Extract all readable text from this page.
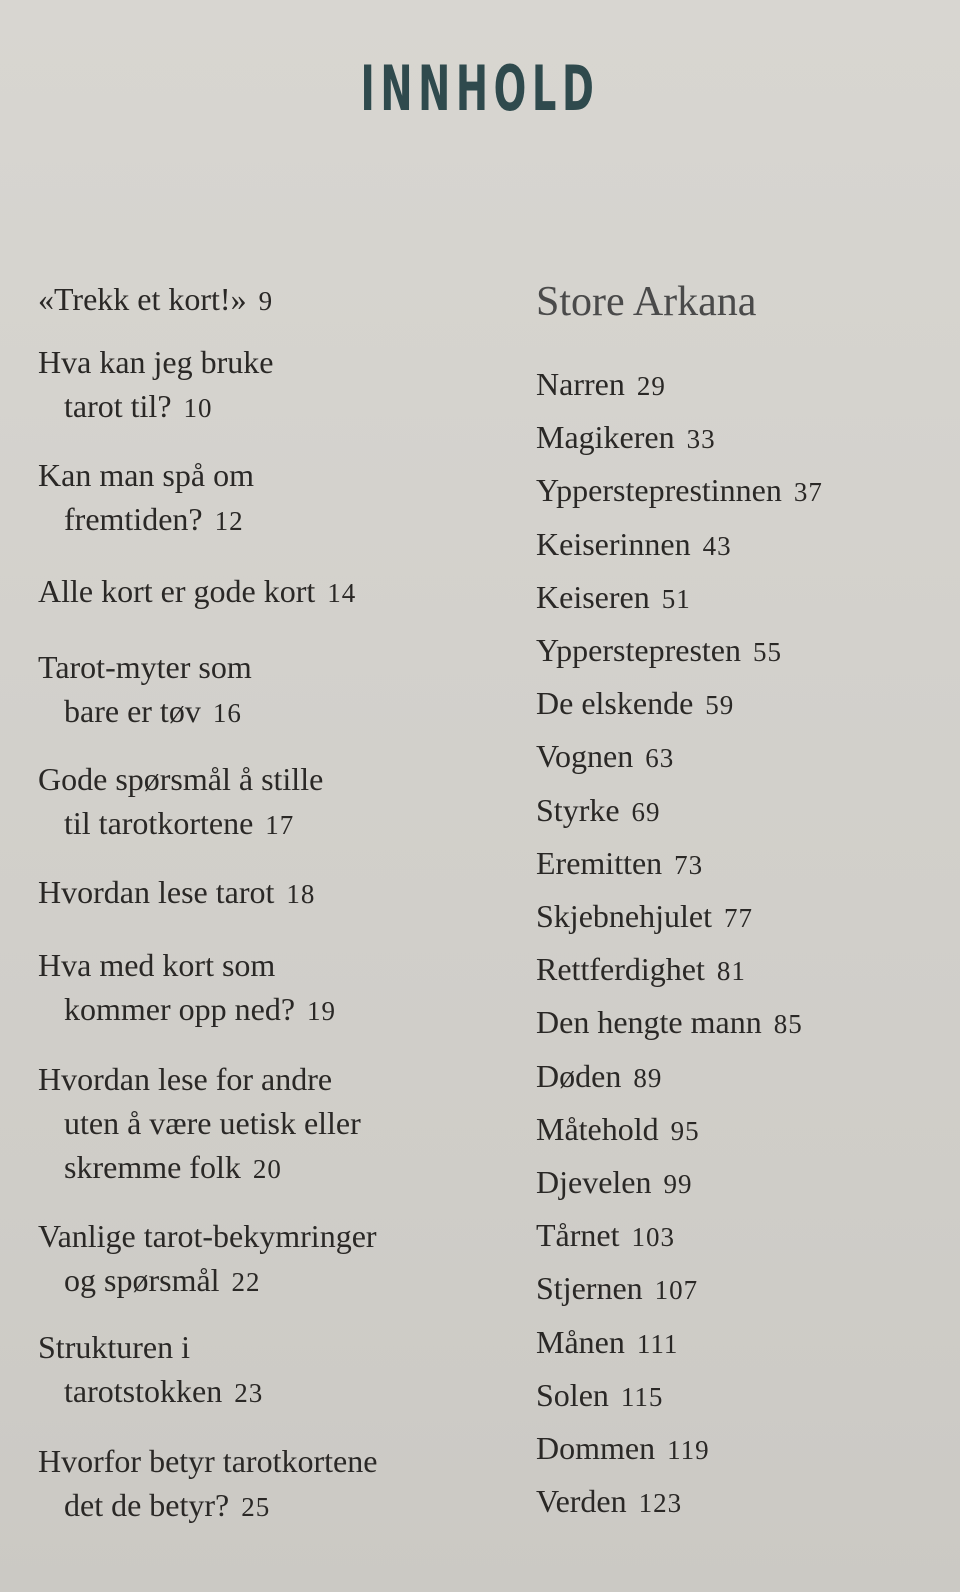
INNHOLD
«Trekk et kort!» 9
Hva kan jeg bruke
tarot til? 10
Kan man spå om
fremtiden? 12
Alle kort er gode kort 14
Tarot-myter som
bare er tøv 16
Gode spørsmål å stille
til tarotkortene 17
Hvordan lese tarot 18
Hva med kort som
kommer opp ned? 19
Hvordan lese for andre
uten å være uetisk eller
skremme folk 20
Vanlige tarot-bekymringer
og spørsmål 22
Strukturen i
tarotstokken 23
Hvorfor betyr tarotkortene
det de betyr? 25
Store Arkana
Narren 29
Magikeren 33
Yppersteprestinnen 37
Keiserinnen 43
Keiseren 51
Ypperstepresten 55
De elskende 59
Vognen 63
Styrke 69
Eremitten 73
Skjebnehjulet 77
Rettferdighet 81
Den hengte mann 85
Døden 89
Måtehold 95
Djevelen 99
Tårnet 103
Stjernen 107
Månen 111
Solen 115
Dommen 119
Verden 123
